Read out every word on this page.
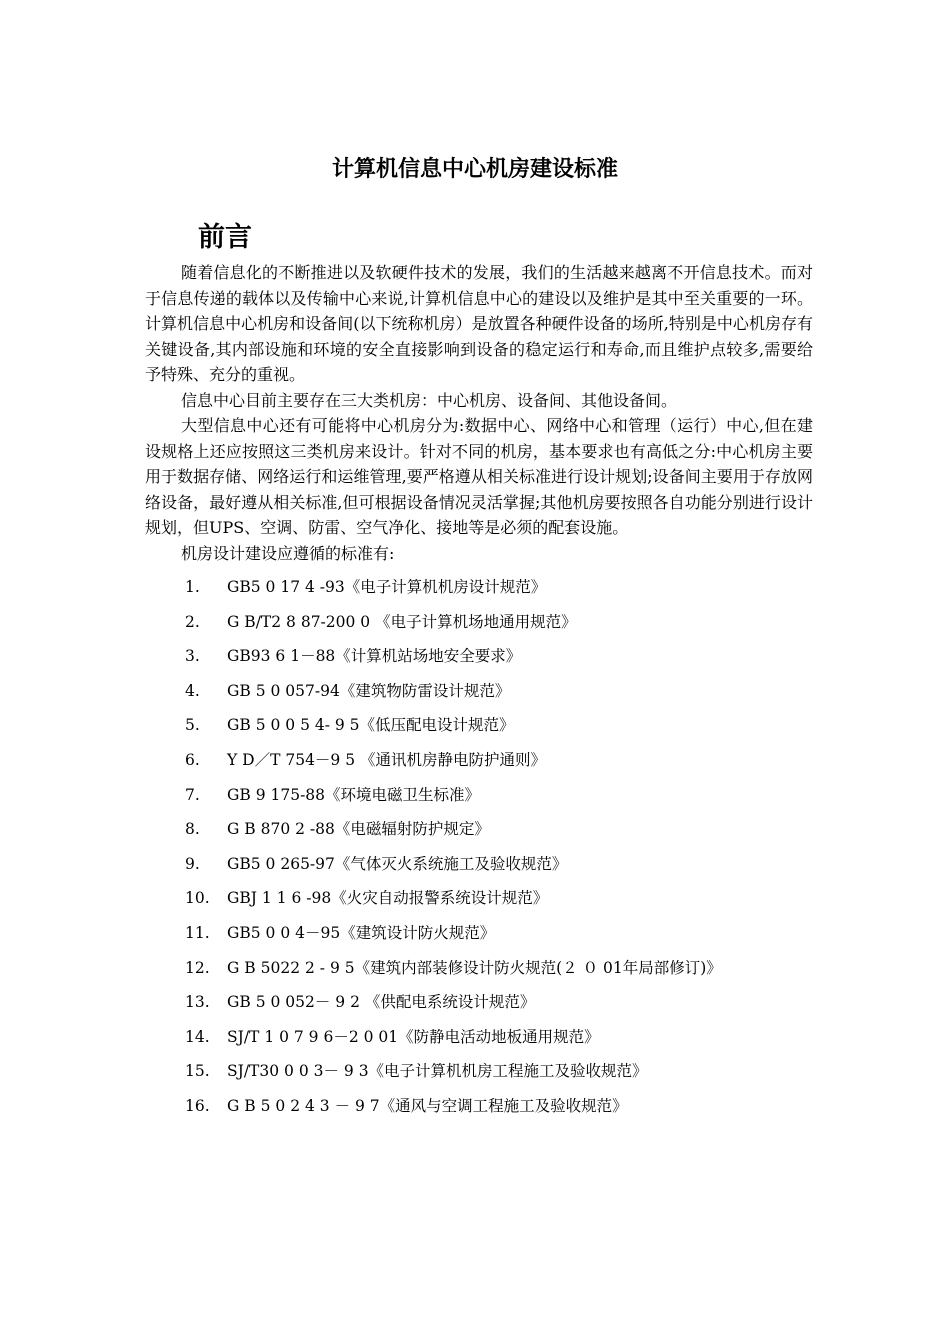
计算机信息中心机房建设标准
前言

随着信息化的不断推进以及软硬件技术的发展，我们的生活越来越离不开信息技术。而对于信息传递的载体以及传输中心来说,计算机信息中心的建设以及维护是其中至关重要的一环。计算机信息中心机房和设备间(以下统称机房）是放置各种硬件设备的场所,特别是中心机房存有关键设备,其内部设施和环境的安全直接影响到设备的稳定运行和寿命,而且维护点较多,需要给予特殊、充分的重视。

信息中心目前主要存在三大类机房：中心机房、设备间、其他设备间。

大型信息中心还有可能将中心机房分为:数据中心、网络中心和管理（运行）中心,但在建设规格上还应按照这三类机房来设计。针对不同的机房，基本要求也有高低之分:中心机房主要用于数据存储、网络运行和运维管理,要严格遵从相关标准进行设计规划;设备间主要用于存放网络设备，最好遵从相关标准,但可根据设备情况灵活掌握;其他机房要按照各自功能分别进行设计规划，但UPS、空调、防雷、空气净化、接地等是必须的配套设施。

机房设计建设应遵循的标准有:

1.	GB5 0 17 4 -93《电子计算机机房设计规范》
2.	G B/T2 8 87-200 0 《电子计算机场地通用规范》
3.	GB93 6 1－88《计算机站场地安全要求》
4.	GB 5 0 057-94《建筑物防雷设计规范》
5.	GB 5 0 0 5 4- 9 5《低压配电设计规范》
6.	Y D／T 754－9 5 《通讯机房静电防护通则》
7.	GB 9 175-88《环境电磁卫生标准》
8.	G B 870 2 -88《电磁辐射防护规定》
9.	GB5 0 265-97《气体灭火系统施工及验收规范》
10.	GBJ 1 1 6 -98《火灾自动报警系统设计规范》
11.	GB5 0 0 4－95《建筑设计防火规范》
12.	G B 5022 2 - 9 5《建筑内部装修设计防火规范(２ ０ 01年局部修订)》
13.	GB 5 0 052－ 9 2 《供配电系统设计规范》
14.	SJ/T 1 0 7 9 6－2 0 01《防静电活动地板通用规范》
15.	SJ/T30 0 0 3－ 9 3《电子计算机机房工程施工及验收规范》
16.	G B 5 0 2 4 3 － 9 7《通风与空调工程施工及验收规范》
